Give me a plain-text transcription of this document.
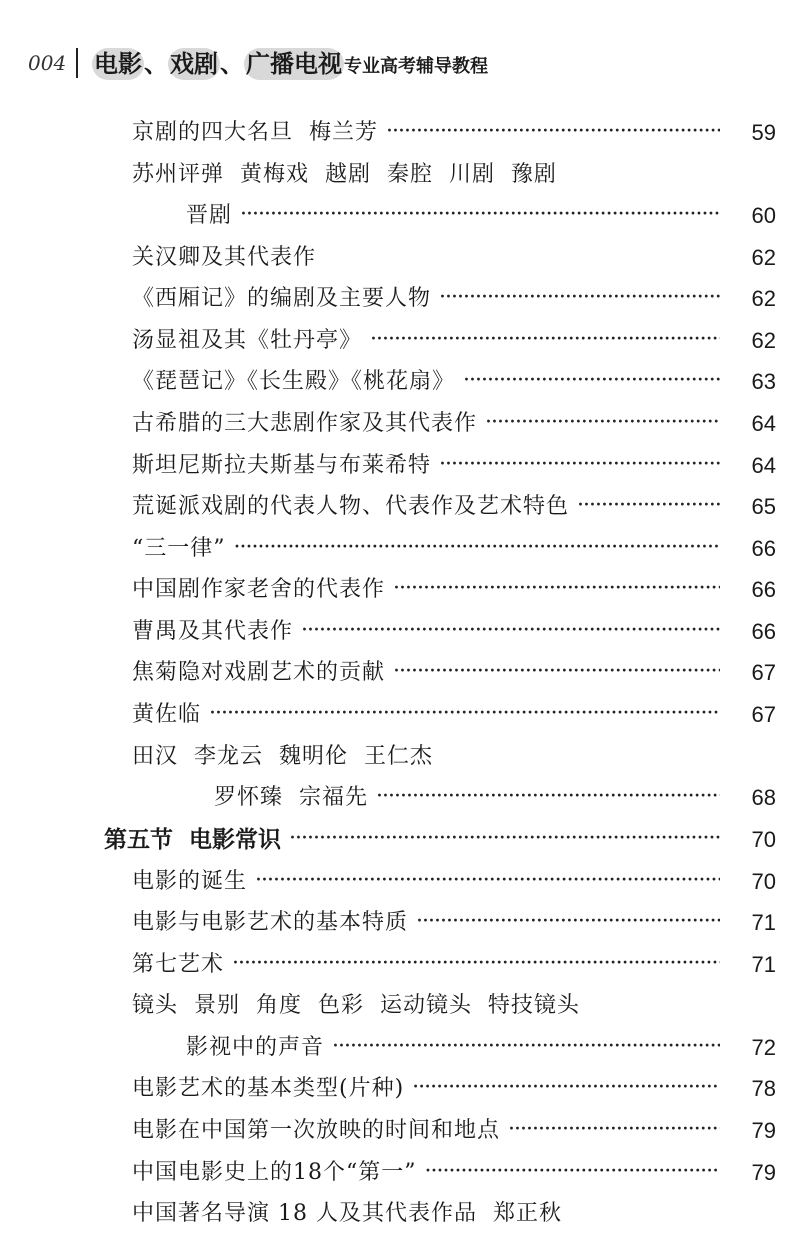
004 电影、戏剧、广播电视 专业高考辅导教程
京剧的四大名旦  梅兰芳 ·····	59
苏州评弹  黄梅戏  越剧  秦腔  川剧  豫剧
晋剧 ·····	60
关汉卿及其代表作	62
《西厢记》的编剧及主要人物 ·····	62
汤显祖及其《牡丹亭》	62
·····
《琵琶记》《长生殿》《桃花扇》 ·····	63
古希腊的三大悲剧作家及其代表作	64
·····
斯坦尼斯拉夫斯基与布莱希特 ·····	64
荒诞派戏剧的代表人物、代表作及艺术特色	65
·····
“三一律” ·····	66
中国剧作家老舍的代表作 ·····	66
曹禺及其代表作 ·····	66
焦菊隐对戏剧艺术的贡献	67
·····
黄佐临 ·····	67
田汉  李龙云  魏明伦  王仁杰
罗怀臻  宗福先 ·····	68
第五节  电影常识 ·····	70
电影的诞生 ·····	70
电影与电影艺术的基本特质 ·····	71
第七艺术 ·····	71
镜头  景别  角度  色彩  运动镜头  特技镜头
影视中的声音 ·····	72
电影艺术的基本类型(片种) ·····	78
电影在中国第一次放映的时间和地点 ·····	79
中国电影史上的18个“第一” ·····	79
中国著名导演 18 人及其代表作品  郑正秋
